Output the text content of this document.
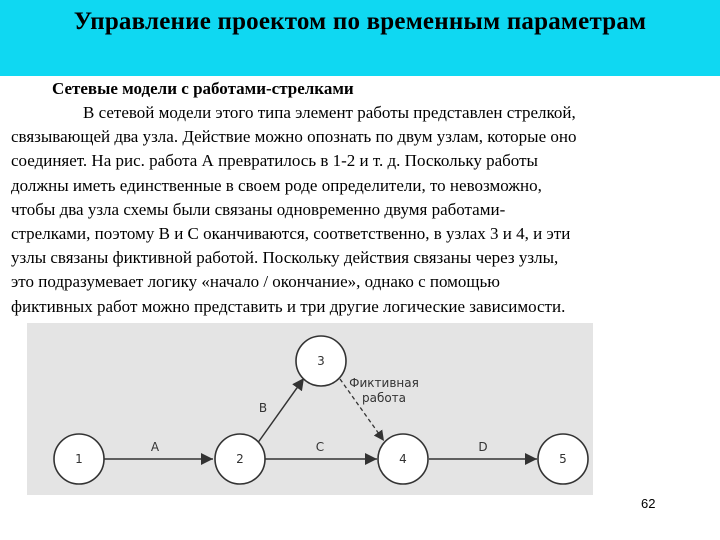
Управление проектом по временным параметрам
Сетевые модели с работами-стрелками
В сетевой модели этого типа элемент работы представлен стрелкой,
связывающей два узла. Действие можно опознать по двум узлам, которые оно
соединяет. На рис. работа А превратилось в 1-2 и т. д. Поскольку работы
должны иметь единственные в своем роде определители, то невозможно,
чтобы два узла схемы были связаны одновременно двумя работами-
стрелками, поэтому В и С оканчиваются, соответственно, в узлах 3 и 4, и эти
узлы связаны фиктивной работой. Поскольку действия связаны через узлы,
это подразумевает логику «начало / окончание», однако с помощью
фиктивных работ можно представить и три другие логические зависимости.
A
B
C	D
Фиктивная
работа
1	2
3
4	5
62
